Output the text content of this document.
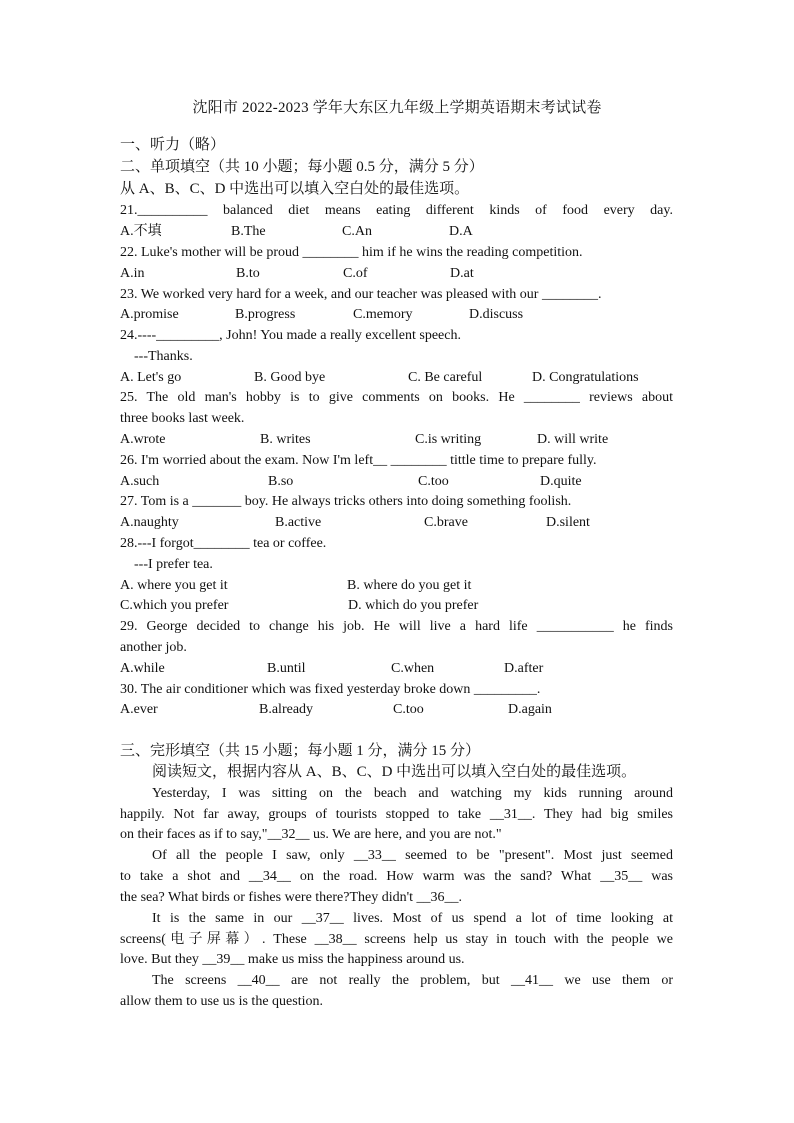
沈阳市 2022-2023 学年大东区九年级上学期英语期末考试试卷
一、听力（略）
二、单项填空（共 10 小题；每小题 0.5 分，满分 5 分）
从 A、B、C、D 中选出可以填入空白处的最佳选项。
21.__________ balanced diet means eating different kinds of food every day.
A.不填	B.The	C.An	D.A
22. Luke's mother will be proud ________ him if he wins the reading competition.
A.in	B.to	C.of	D.at
23. We worked very hard for a week, and our teacher was pleased with our ________.
A.promise	B.progress	C.memory	D.discuss
24.----_________, John! You made a really excellent speech.
---Thanks.
A. Let's go	B. Good bye	C. Be careful	D. Congratulations
25. The old man's hobby is to give comments on books. He ________ reviews about
three books last week.
A.wrote	B. writes	C.is writing	D. will write
26. I'm worried about the exam. Now I'm left__ ________ tittle time to prepare fully.
A.such	B.so	C.too	D.quite
27. Tom is a _______ boy. He always tricks others into doing something foolish.
A.naughty	B.active	C.brave	D.silent
28.---I forgot________ tea or coffee.
---I prefer tea.
A. where you get it	B. where do you get it
C.which you prefer	D. which do you prefer
29. George decided to change his job. He will live a hard life ___________ he finds
another job.
A.while	B.until	C.when	D.after
30. The air conditioner which was fixed yesterday broke down _________.
A.ever	B.already	C.too	D.again
三、完形填空（共 15 小题；每小题 1 分，满分 15 分）
阅读短文，根据内容从 A、B、C、D 中选出可以填入空白处的最佳选项。
Yesterday, I was sitting on the beach and watching my kids running around
happily. Not far away, groups of tourists stopped to take __31__. They had big smiles
on their faces as if to say,"__32__ us. We are here, and you are not."
Of all the people I saw, only __33__ seemed to be "present". Most just seemed
to take a shot and __34__ on the road. How warm was the sand? What __35__ was
the sea? What birds or fishes were there?They didn't __36__.
It is the same in our __37__ lives. Most of us spend a lot of time looking at
screens(电子屏幕）. These __38__ screens help us stay in touch with the people we
love. But they __39__ make us miss the happiness around us.
The screens __40__ are not really the problem, but __41__ we use them or
allow them to use us is the question.
